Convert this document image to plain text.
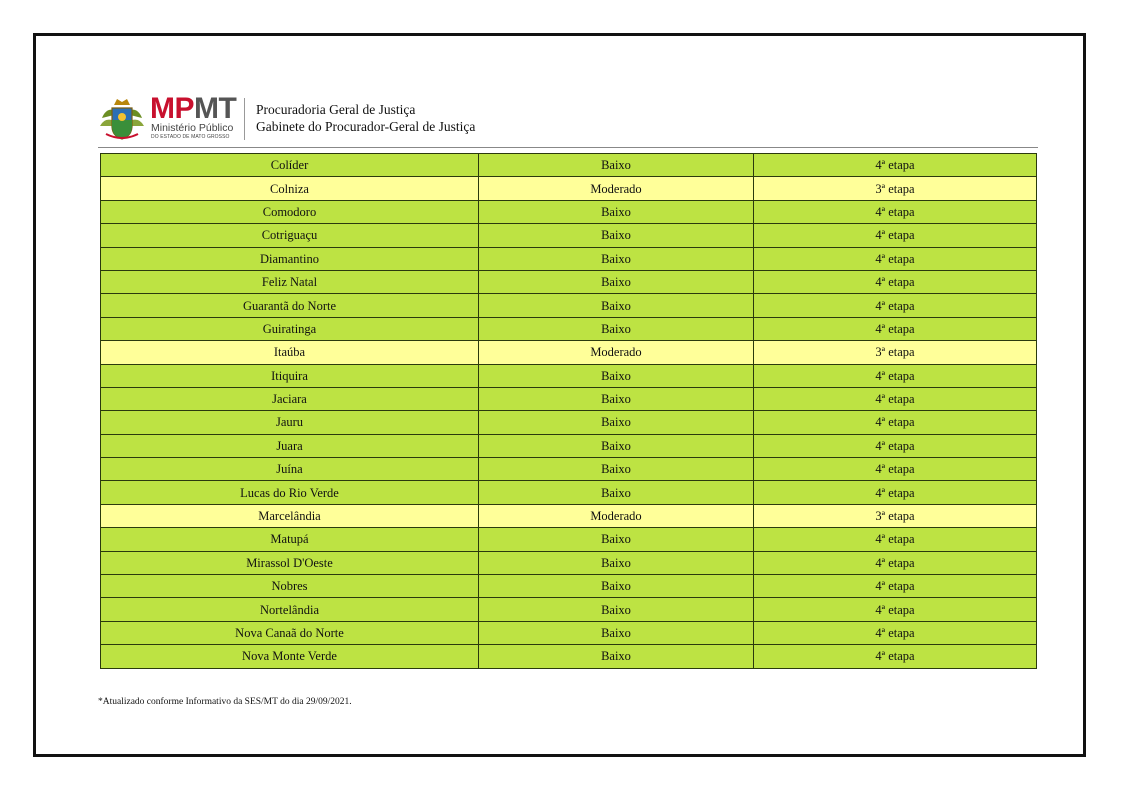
MPMT
Ministério Público
DO ESTADO DE MATO GROSSO
Procuradoria Geral de Justiça
Gabinete do Procurador-Geral de Justiça
Colíder	Baixo	4ª etapa
Colniza	Moderado	3ª etapa
Comodoro	Baixo	4ª etapa
Cotriguaçu	Baixo	4ª etapa
Diamantino	Baixo	4ª etapa
Feliz Natal	Baixo	4ª etapa
Guarantã do Norte	Baixo	4ª etapa
Guiratinga	Baixo	4ª etapa
Itaúba	Moderado	3ª etapa
Itiquira	Baixo	4ª etapa
Jaciara	Baixo	4ª etapa
Jauru	Baixo	4ª etapa
Juara	Baixo	4ª etapa
Juína	Baixo	4ª etapa
Lucas do Rio Verde	Baixo	4ª etapa
Marcelândia	Moderado	3ª etapa
Matupá	Baixo	4ª etapa
Mirassol D'Oeste	Baixo	4ª etapa
Nobres	Baixo	4ª etapa
Nortelândia	Baixo	4ª etapa
Nova Canaã do Norte	Baixo	4ª etapa
Nova Monte Verde	Baixo	4ª etapa
*Atualizado conforme Informativo da SES/MT do dia 29/09/2021.
